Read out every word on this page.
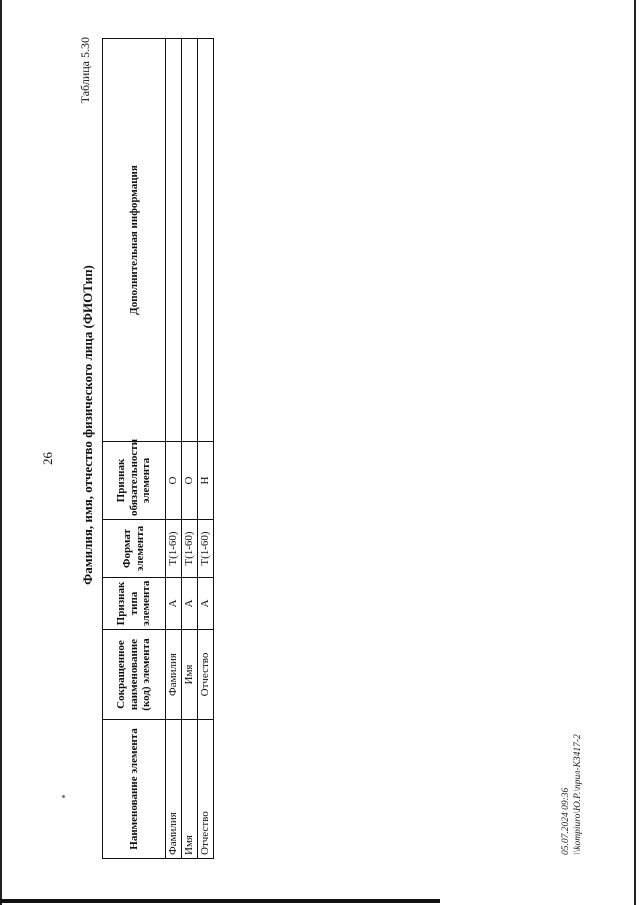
26
Таблица 5.30
Фамилия, имя, отчество физического лица (ФИОТип)
Наименование элемента	Сокращенное наименование (код) элемента	Признак типа элемента	Формат элемента	Признак обязательности элемента	Дополнительная информация
Фамилия	Фамилия	А	T(1-60)	О	
Имя	Имя	А	T(1-60)	О	
Отчество	Отчество	А	T(1-60)	Н	
05.07.2024 09:36 \\kompiuro\Ю.Р.\прил-КЗ417-2
